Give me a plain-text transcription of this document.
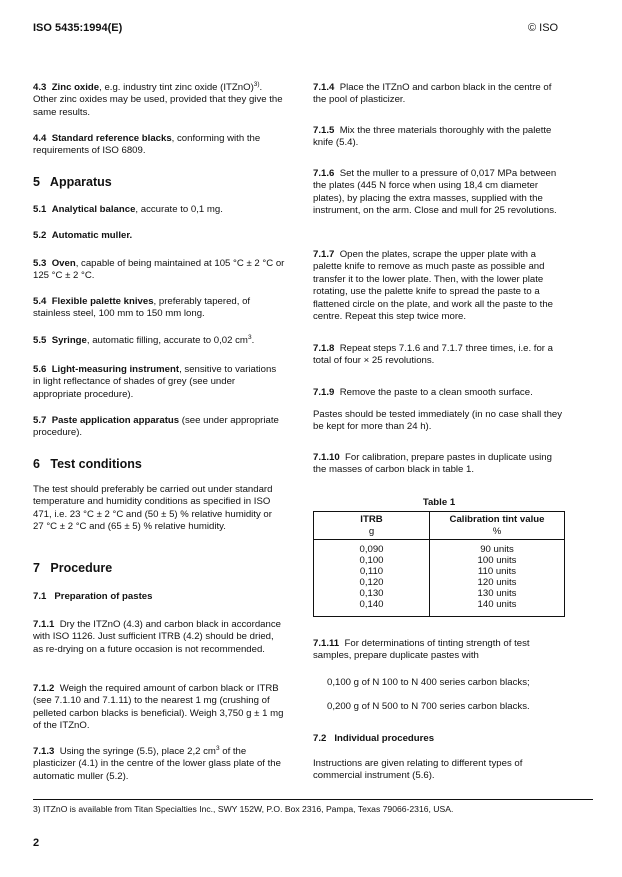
ISO 5435:1994(E)	© ISO
4.3 Zinc oxide, e.g. industry tint zinc oxide (ITZnO)$^{3)}$. Other zinc oxides may be used, provided that they give the same results.
4.4 Standard reference blacks, conforming with the requirements of ISO 6809.
5 Apparatus
5.1 Analytical balance, accurate to 0,1 mg.
5.2 Automatic muller.
5.3 Oven, capable of being maintained at 105 °C ± 2 °C or 125 °C ± 2 °C.
5.4 Flexible palette knives, preferably tapered, of stainless steel, 100 mm to 150 mm long.
5.5 Syringe, automatic filling, accurate to 0,02 $cm^3$.
5.6 Light-measuring instrument, sensitive to variations in light reflectance of shades of grey (see under appropriate procedure).
5.7 Paste application apparatus (see under appropriate procedure).
6 Test conditions
The test should preferably be carried out under standard temperature and humidity conditions as specified in ISO 471, i.e. 23 °C ± 2 °C and (50 ± 5) % relative humidity or 27 °C ± 2 °C and (65 ± 5) % relative humidity.
7 Procedure
7.1 Preparation of pastes
7.1.1 Dry the ITZnO (4.3) and carbon black in accordance with ISO 1126. Just sufficient ITRB (4.2) should be dried, as re-drying on a future occasion is not recommended.
7.1.2 Weigh the required amount of carbon black or ITRB (see 7.1.10 and 7.1.11) to the nearest 1 mg (crushing of pelleted carbon blacks is beneficial). Weigh 3,750 g ± 1 mg of the ITZnO.
7.1.3 Using the syringe (5.5), place 2,2 $cm^3$ of the plasticizer (4.1) in the centre of the lower glass plate of the automatic muller (5.2).
7.1.4 Place the ITZnO and carbon black in the centre of the pool of plasticizer.
7.1.5 Mix the three materials thoroughly with the palette knife (5.4).
7.1.6 Set the muller to a pressure of 0,017 MPa between the plates (445 N force when using 18,4 cm diameter plates), by placing the extra masses, supplied with the instrument, on the arm. Close and mull for 25 revolutions.
7.1.7 Open the plates, scrape the upper plate with a palette knife to remove as much paste as possible and transfer it to the lower plate. Then, with the lower plate rotating, use the palette knife to spread the paste to a flattened circle on the plate, and work all the paste to the centre. Repeat this step twice more.
7.1.8 Repeat steps 7.1.6 and 7.1.7 three times, i.e. for a total of four × 25 revolutions.
7.1.9 Remove the paste to a clean smooth surface.
Pastes should be tested immediately (in no case shall they be kept for more than 24 h).
7.1.10 For calibration, prepare pastes in duplicate using the masses of carbon black in table 1.
Table 1
ITRB
g
Calibration tint value
%
0,090	90 units
0,100	100 units
0,110	110 units
0,120	120 units
0,130	130 units
0,140	140 units
7.1.11 For determinations of tinting strength of test samples, prepare duplicate pastes with
0,100 g of N 100 to N 400 series carbon blacks;
0,200 g of N 500 to N 700 series carbon blacks.
7.2 Individual procedures
Instructions are given relating to different types of commercial instrument (5.6).
3) ITZnO is available from Titan Specialties Inc., SWY 152W, P.O. Box 2316, Pampa, Texas 79066-2316, USA.
2
